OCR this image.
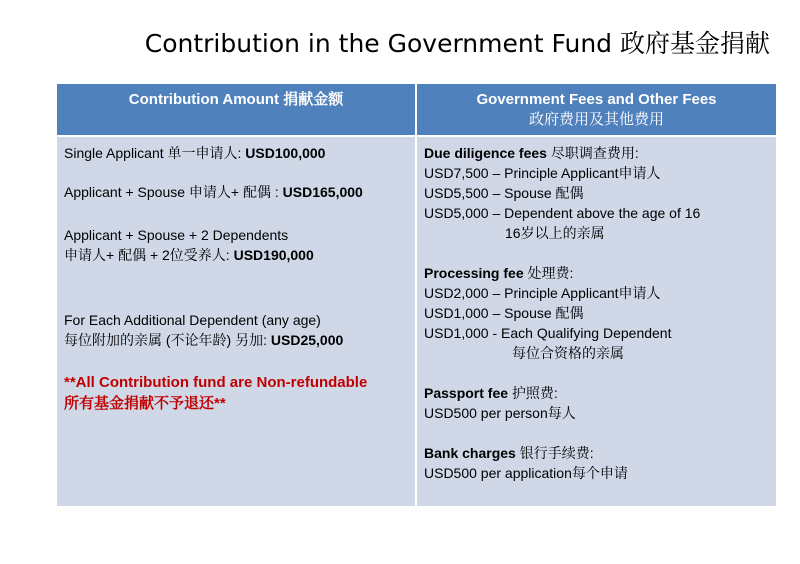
Contribution in the Government Fund 政府基金捐献
Contribution Amount 捐献金额	Government Fees and Other Fees
政府费用及其他费用
Single Applicant 单一申请人: USD100,000
Applicant + Spouse 申请人+ 配偶 : USD165,000
Applicant + Spouse + 2 Dependents
申请人+ 配偶 + 2位受养人: USD190,000
For Each Additional Dependent (any age)
每位附加的亲属 (不论年龄) 另加: USD25,000
**All Contribution fund are Non-refundable
所有基金捐献不予退还**
Due diligence fees 尽职调查费用:
USD7,500 – Principle Applicant申请人
USD5,500 – Spouse 配偶
USD5,000 – Dependent above the age of 16
16岁以上的亲属
Processing fee 处理费:
USD2,000 – Principle Applicant申请人
USD1,000 – Spouse 配偶
USD1,000 - Each Qualifying Dependent
每位合资格的亲属
Passport fee 护照费:
USD500 per person每人
Bank charges 银行手续费:
USD500 per application每个申请
